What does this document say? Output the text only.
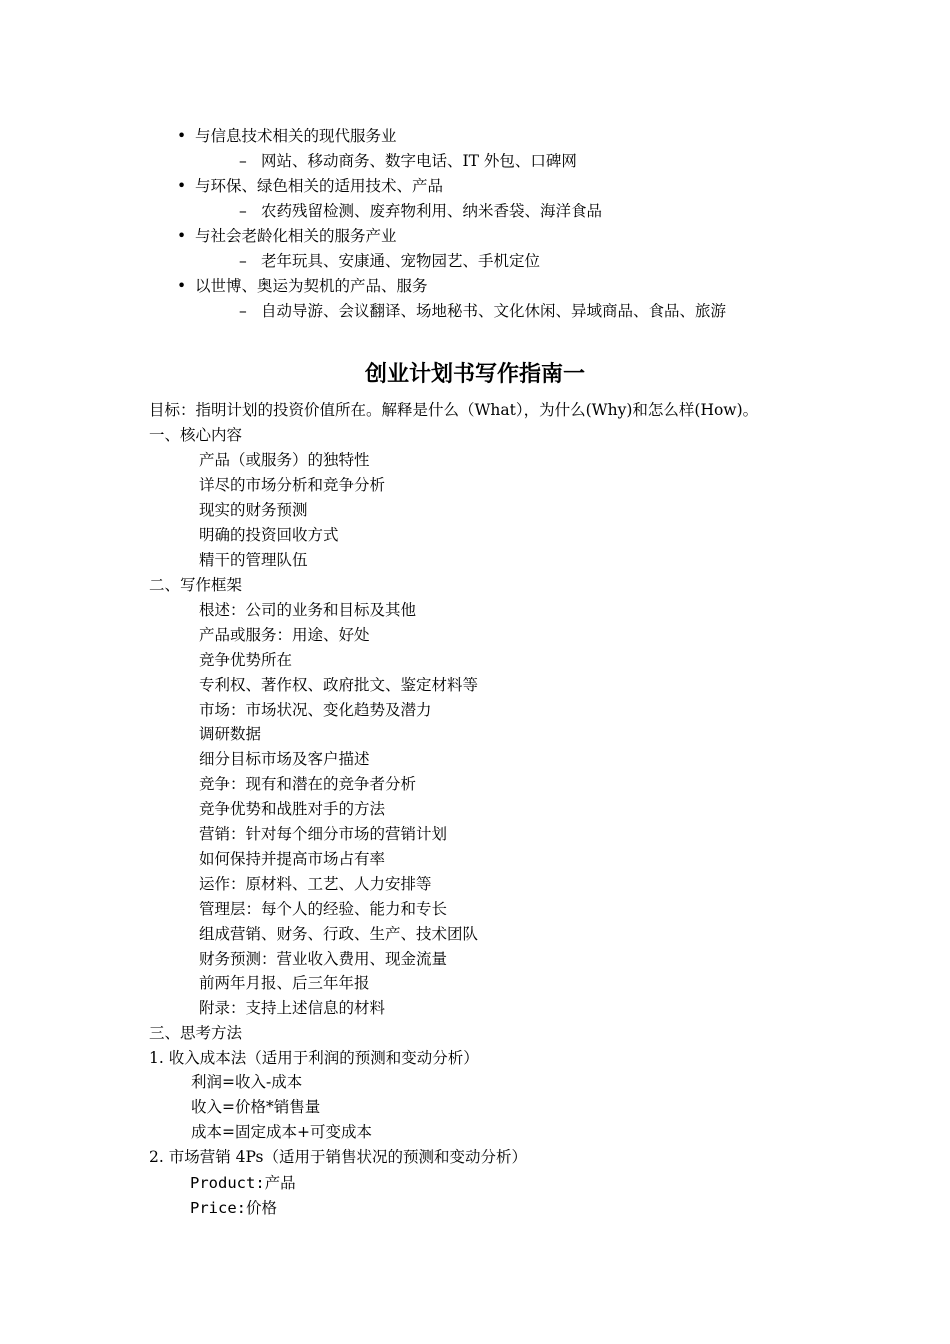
• 与信息技术相关的现代服务业
– 网站、移动商务、数字电话、IT 外包、口碑网
• 与环保、绿色相关的适用技术、产品
– 农药残留检测、废弃物利用、纳米香袋、海洋食品
• 与社会老龄化相关的服务产业
– 老年玩具、安康通、宠物园艺、手机定位
• 以世博、奥运为契机的产品、服务
– 自动导游、会议翻译、场地秘书、文化休闲、异域商品、食品、旅游
创业计划书写作指南一
目标：指明计划的投资价值所在。解释是什么（What），为什么(Why)和怎么样(How)。
一、核心内容
产品（或服务）的独特性
详尽的市场分析和竞争分析
现实的财务预测
明确的投资回收方式
精干的管理队伍
二、写作框架
根述：公司的业务和目标及其他
产品或服务：用途、好处
竞争优势所在
专利权、著作权、政府批文、鉴定材料等
市场：市场状况、变化趋势及潜力
调研数据
细分目标市场及客户描述
竞争：现有和潜在的竞争者分析
竞争优势和战胜对手的方法
营销：针对每个细分市场的营销计划
如何保持并提高市场占有率
运作：原材料、工艺、人力安排等
管理层：每个人的经验、能力和专长
组成营销、财务、行政、生产、技术团队
财务预测：营业收入费用、现金流量
前两年月报、后三年年报
附录：支持上述信息的材料
三、思考方法
1. 收入成本法（适用于利润的预测和变动分析）
利润=收入-成本
收入=价格*销售量
成本=固定成本+可变成本
2. 市场营销 4Ps（适用于销售状况的预测和变动分析）
Product:产品
Price:价格
